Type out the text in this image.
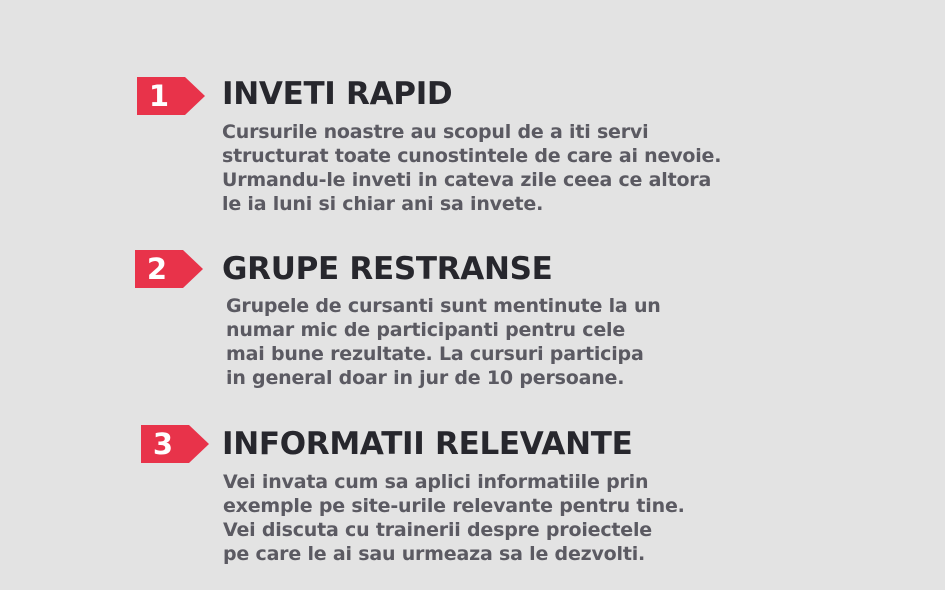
1	INVETI RAPID

Cursurile noastre au scopul de a iti servi
structurat toate cunostintele de care ai nevoie.
Urmandu-le inveti in cateva zile ceea ce altora
le ia luni si chiar ani sa invete.

2	GRUPE RESTRANSE

Grupele de cursanti sunt mentinute la un
numar mic de participanti pentru cele
mai bune rezultate. La cursuri participa
in general doar in jur de 10 persoane.

3	INFORMATII RELEVANTE

Vei invata cum sa aplici informatiile prin
exemple pe site-urile relevante pentru tine.
Vei discuta cu trainerii despre proiectele
pe care le ai sau urmeaza sa le dezvolti.
